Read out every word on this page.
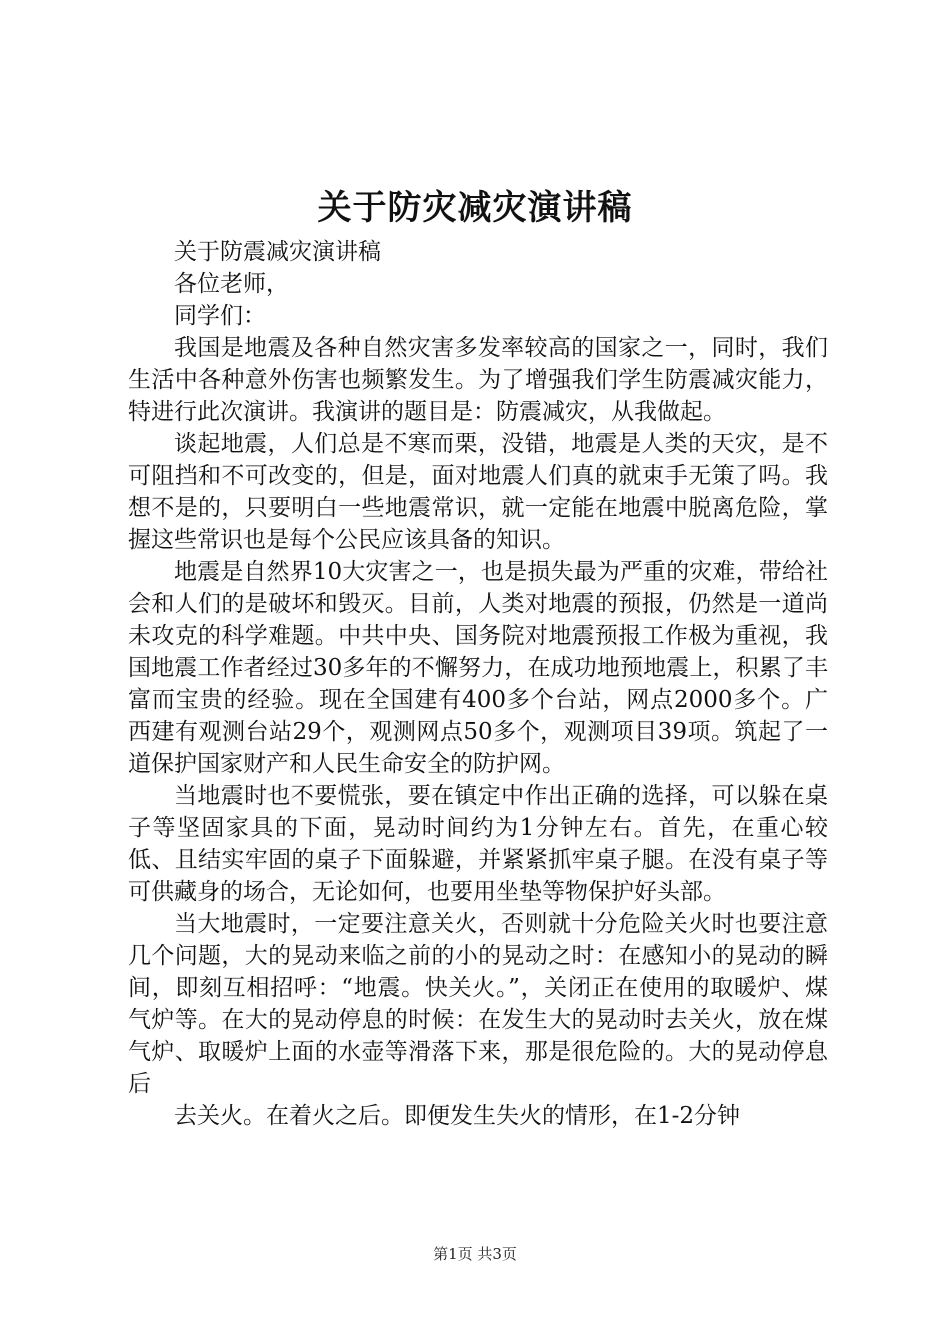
关于防灾减灾演讲稿

关于防震减灾演讲稿

各位老师，

同学们：

我国是地震及各种自然灾害多发率较高的国家之一，同时，我们生活中各种意外伤害也频繁发生。为了增强我们学生防震减灾能力，特进行此次演讲。我演讲的题目是：防震减灾，从我做起。

谈起地震，人们总是不寒而栗，没错，地震是人类的天灾，是不可阻挡和不可改变的，但是，面对地震人们真的就束手无策了吗。我想不是的，只要明白一些地震常识，就一定能在地震中脱离危险，掌握这些常识也是每个公民应该具备的知识。

地震是自然界10大灾害之一，也是损失最为严重的灾难，带给社会和人们的是破坏和毁灭。目前，人类对地震的预报，仍然是一道尚未攻克的科学难题。中共中央、国务院对地震预报工作极为重视，我国地震工作者经过30多年的不懈努力，在成功地预地震上，积累了丰富而宝贵的经验。现在全国建有400多个台站，网点2000多个。广西建有观测台站29个，观测网点50多个，观测项目39项。筑起了一道保护国家财产和人民生命安全的防护网。

当地震时也不要慌张，要在镇定中作出正确的选择，可以躲在桌子等坚固家具的下面，晃动时间约为1分钟左右。首先，在重心较低、且结实牢固的桌子下面躲避，并紧紧抓牢桌子腿。在没有桌子等可供藏身的场合，无论如何，也要用坐垫等物保护好头部。

当大地震时，一定要注意关火，否则就十分危险关火时也要注意几个问题，大的晃动来临之前的小的晃动之时：在感知小的晃动的瞬间，即刻互相招呼：“地震。快关火。”，关闭正在使用的取暖炉、煤气炉等。在大的晃动停息的时候：在发生大的晃动时去关火，放在煤气炉、取暖炉上面的水壶等滑落下来，那是很危险的。大的晃动停息后

去关火。在着火之后。即便发生失火的情形，在1-2分钟

第1页 共3页
